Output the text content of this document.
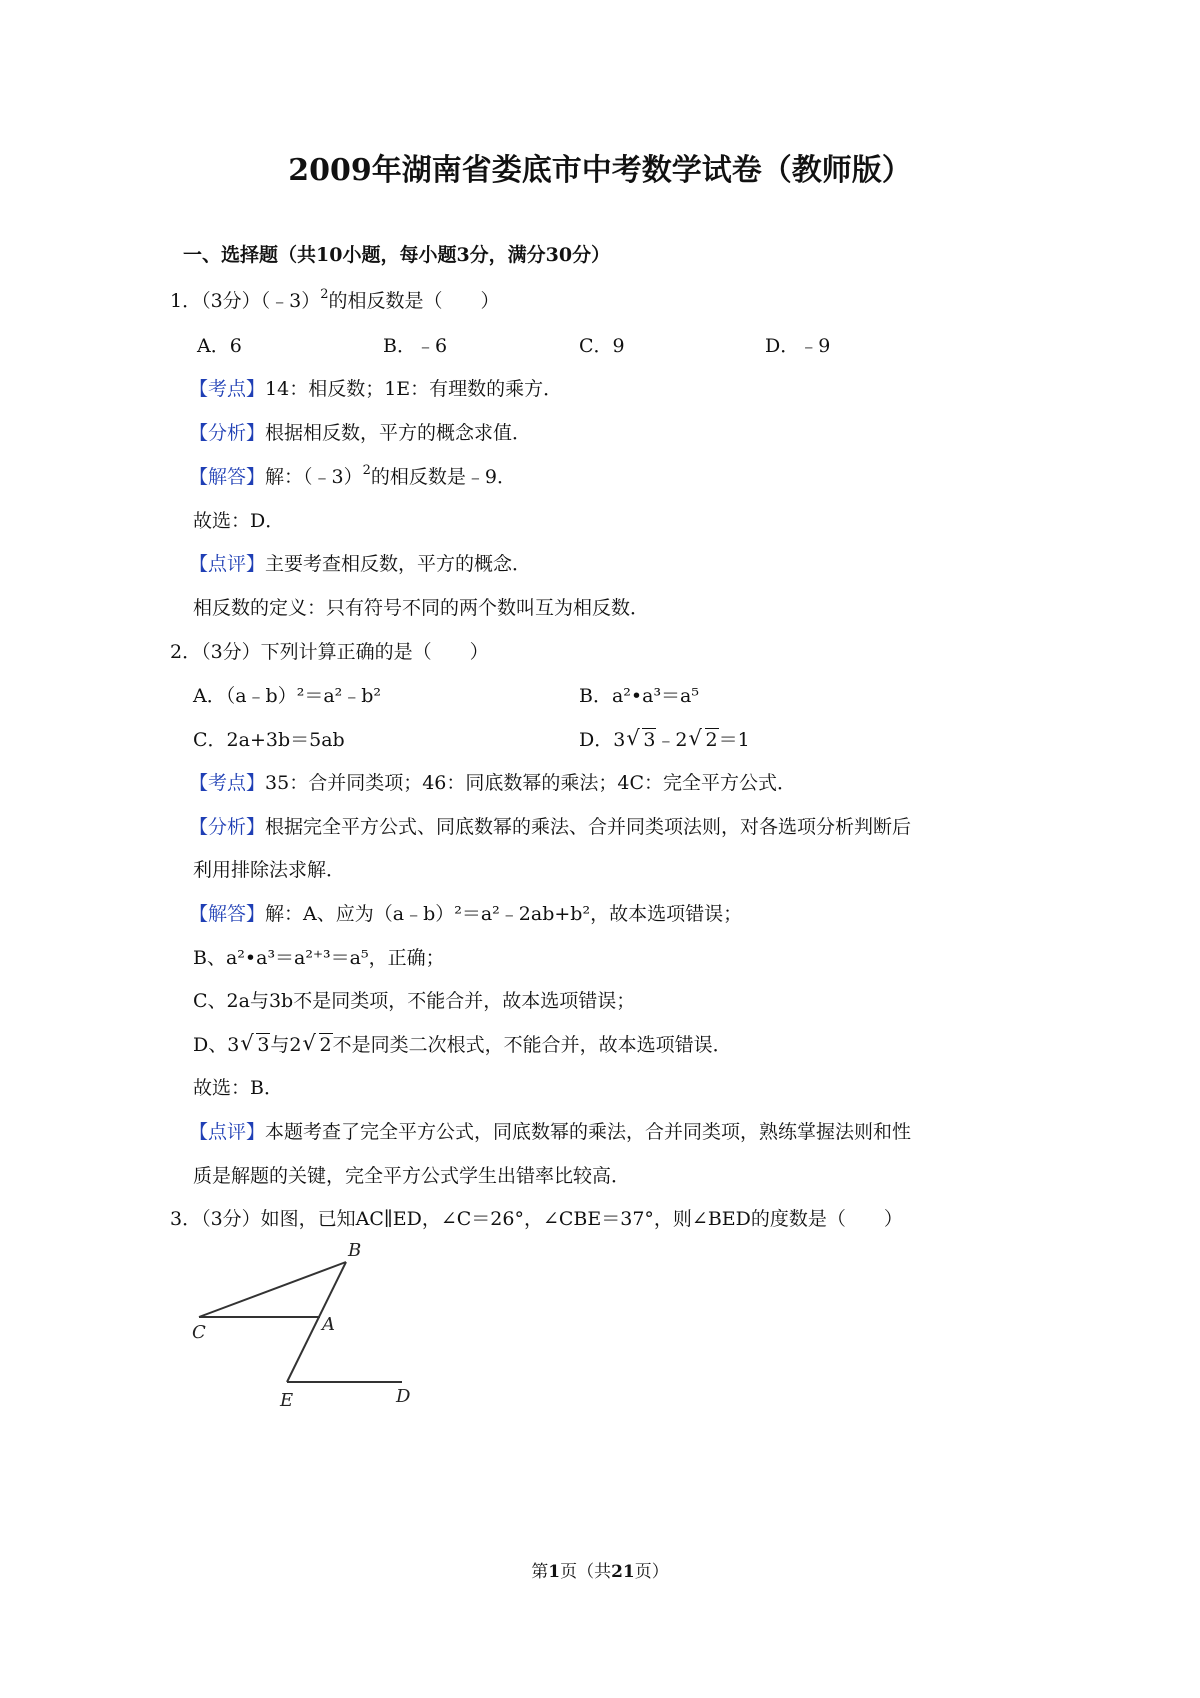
2009年湖南省娄底市中考数学试卷（教师版）
一、选择题（共10小题，每小题3分，满分30分）
1．（3分）（﹣3）$^2$的相反数是（　　）
A．6	B．﹣6	C．9	D．﹣9
【考点】14：相反数；1E：有理数的乘方．
【分析】根据相反数，平方的概念求值．
【解答】解：（﹣3）$^2$的相反数是﹣9．
故选：D．
【点评】主要考查相反数，平方的概念．
相反数的定义：只有符号不同的两个数叫互为相反数．
2．（3分）下列计算正确的是（　　）
A．（a﹣b）²＝a²﹣b²	B．a²•a³＝a⁵
C．2a+3b＝5ab	D．3 √ 3﹣2 √ 2＝1
【考点】35：合并同类项；46：同底数幂的乘法；4C：完全平方公式．
【分析】根据完全平方公式、同底数幂的乘法、合并同类项法则，对各选项分析判断后
利用排除法求解．
【解答】解：A、应为（a﹣b）²＝a²﹣2ab+b²，故本选项错误；
B、a²•a³＝a²⁺³＝a⁵，正确；
C、2a与3b不是同类项，不能合并，故本选项错误；
D、3 √ 3与2 √ 2不是同类二次根式，不能合并，故本选项错误．
故选：B．
【点评】本题考查了完全平方公式，同底数幂的乘法，合并同类项，熟练掌握法则和性
质是解题的关键，完全平方公式学生出错率比较高．
3．（3分）如图，已知AC∥ED，∠C＝26°，∠CBE＝37°，则∠BED的度数是（　　）
B
C	A
E	D
第1页（共21页）
